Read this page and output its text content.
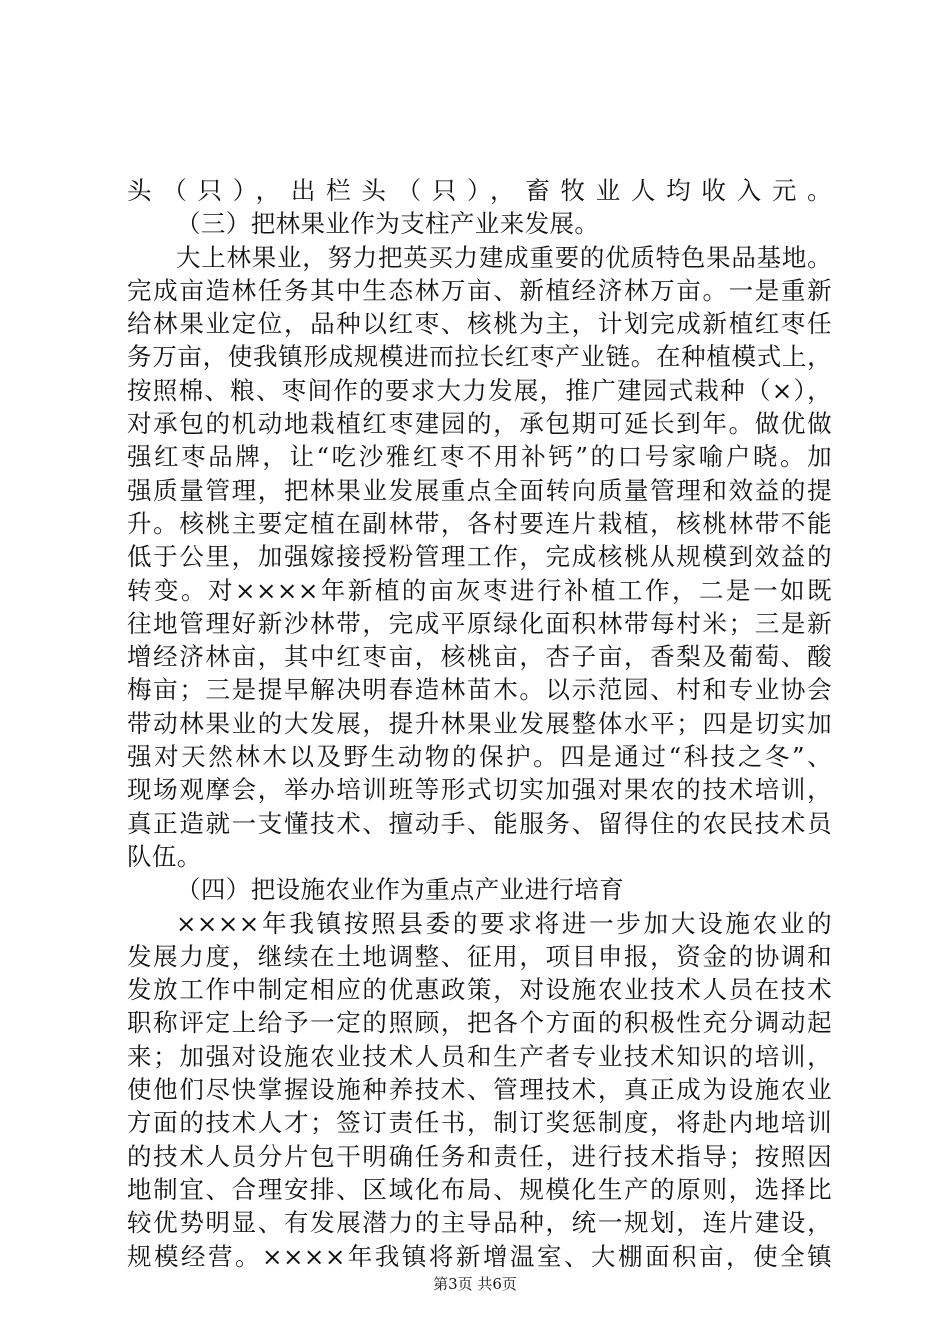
头（只），出栏头（只），畜牧业人均收入元。
（三）把林果业作为支柱产业来发展。
大上林果业，努力把英买力建成重要的优质特色果品基地。
完成亩造林任务其中生态林万亩、新植经济林万亩。一是重新
给林果业定位，品种以红枣、核桃为主，计划完成新植红枣任
务万亩，使我镇形成规模进而拉长红枣产业链。在种植模式上，
按照棉、粮、枣间作的要求大力发展，推广建园式栽种（×），
对承包的机动地栽植红枣建园的，承包期可延长到年。做优做
强红枣品牌，让“吃沙雅红枣不用补钙”的口号家喻户晓。加
强质量管理，把林果业发展重点全面转向质量管理和效益的提
升。核桃主要定植在副林带，各村要连片栽植，核桃林带不能
低于公里，加强嫁接授粉管理工作，完成核桃从规模到效益的
转变。对××××年新植的亩灰枣进行补植工作，二是一如既
往地管理好新沙林带，完成平原绿化面积林带每村米；三是新
增经济林亩，其中红枣亩，核桃亩，杏子亩，香梨及葡萄、酸
梅亩；三是提早解决明春造林苗木。以示范园、村和专业协会
带动林果业的大发展，提升林果业发展整体水平；四是切实加
强对天然林木以及野生动物的保护。四是通过“科技之冬”、
现场观摩会，举办培训班等形式切实加强对果农的技术培训，
真正造就一支懂技术、擅动手、能服务、留得住的农民技术员
队伍。
（四）把设施农业作为重点产业进行培育
××××年我镇按照县委的要求将进一步加大设施农业的
发展力度，继续在土地调整、征用，项目申报，资金的协调和
发放工作中制定相应的优惠政策，对设施农业技术人员在技术
职称评定上给予一定的照顾，把各个方面的积极性充分调动起
来；加强对设施农业技术人员和生产者专业技术知识的培训，
使他们尽快掌握设施种养技术、管理技术，真正成为设施农业
方面的技术人才；签订责任书，制订奖惩制度，将赴内地培训
的技术人员分片包干明确任务和责任，进行技术指导；按照因
地制宜、合理安排、区域化布局、规模化生产的原则，选择比
较优势明显、有发展潜力的主导品种，统一规划，连片建设，
规模经营。××××年我镇将新增温室、大棚面积亩，使全镇
第3页 共6页
